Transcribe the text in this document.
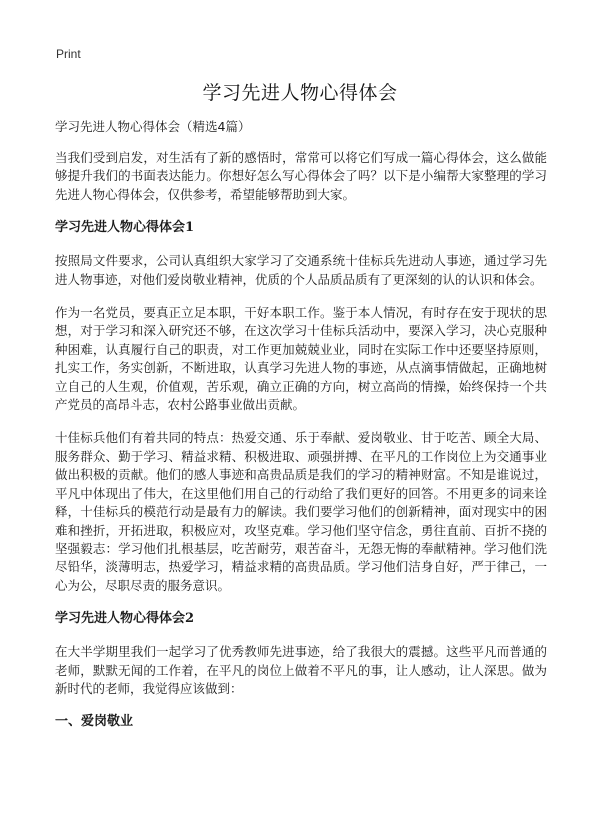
Print
学习先进人物心得体会

学习先进人物心得体会（精选4篇）

当我们受到启发，对生活有了新的感悟时，常常可以将它们写成一篇心得体会，这么做能够提升我们的书面表达能力。你想好怎么写心得体会了吗？以下是小编帮大家整理的学习先进人物心得体会，仅供参考，希望能够帮助到大家。

学习先进人物心得体会1

按照局文件要求，公司认真组织大家学习了交通系统十佳标兵先进动人事迹，通过学习先进人物事迹，对他们爱岗敬业精神，优质的个人品质品质有了更深刻的认的认识和体会。

作为一名党员，要真正立足本职，干好本职工作。鉴于本人情况，有时存在安于现状的思想，对于学习和深入研究还不够，在这次学习十佳标兵活动中，要深入学习，决心克服种种困难，认真履行自己的职责，对工作更加兢兢业业，同时在实际工作中还要坚持原则，扎实工作，务实创新，不断进取，认真学习先进人物的事迹，从点滴事情做起，正确地树立自己的人生观，价值观，苦乐观，确立正确的方向，树立高尚的情操，始终保持一个共产党员的高昂斗志，农村公路事业做出贡献。

十佳标兵他们有着共同的特点：热爱交通、乐于奉献、爱岗敬业、甘于吃苦、顾全大局、服务群众、勤于学习、精益求精、积极进取、顽强拼搏、在平凡的工作岗位上为交通事业做出积极的贡献。他们的感人事迹和高贵品质是我们的学习的精神财富。不知是谁说过，平凡中体现出了伟大，在这里他们用自己的行动给了我们更好的回答。不用更多的词来诠释，十佳标兵的模范行动是最有力的解读。我们要学习他们的创新精神，面对现实中的困难和挫折，开拓进取，积极应对，攻坚克难。学习他们坚守信念，勇往直前、百折不挠的坚强毅志：学习他们扎根基层，吃苦耐劳，艰苦奋斗，无怨无悔的奉献精神。学习他们洗尽铅华，淡薄明志，热爱学习，精益求精的高贵品质。学习他们洁身自好，严于律己，一心为公，尽职尽责的服务意识。

学习先进人物心得体会2

在大半学期里我们一起学习了优秀教师先进事迹，给了我很大的震撼。这些平凡而普通的老师，默默无闻的工作着，在平凡的岗位上做着不平凡的事，让人感动，让人深思。做为新时代的老师，我觉得应该做到：

一、爱岗敬业
